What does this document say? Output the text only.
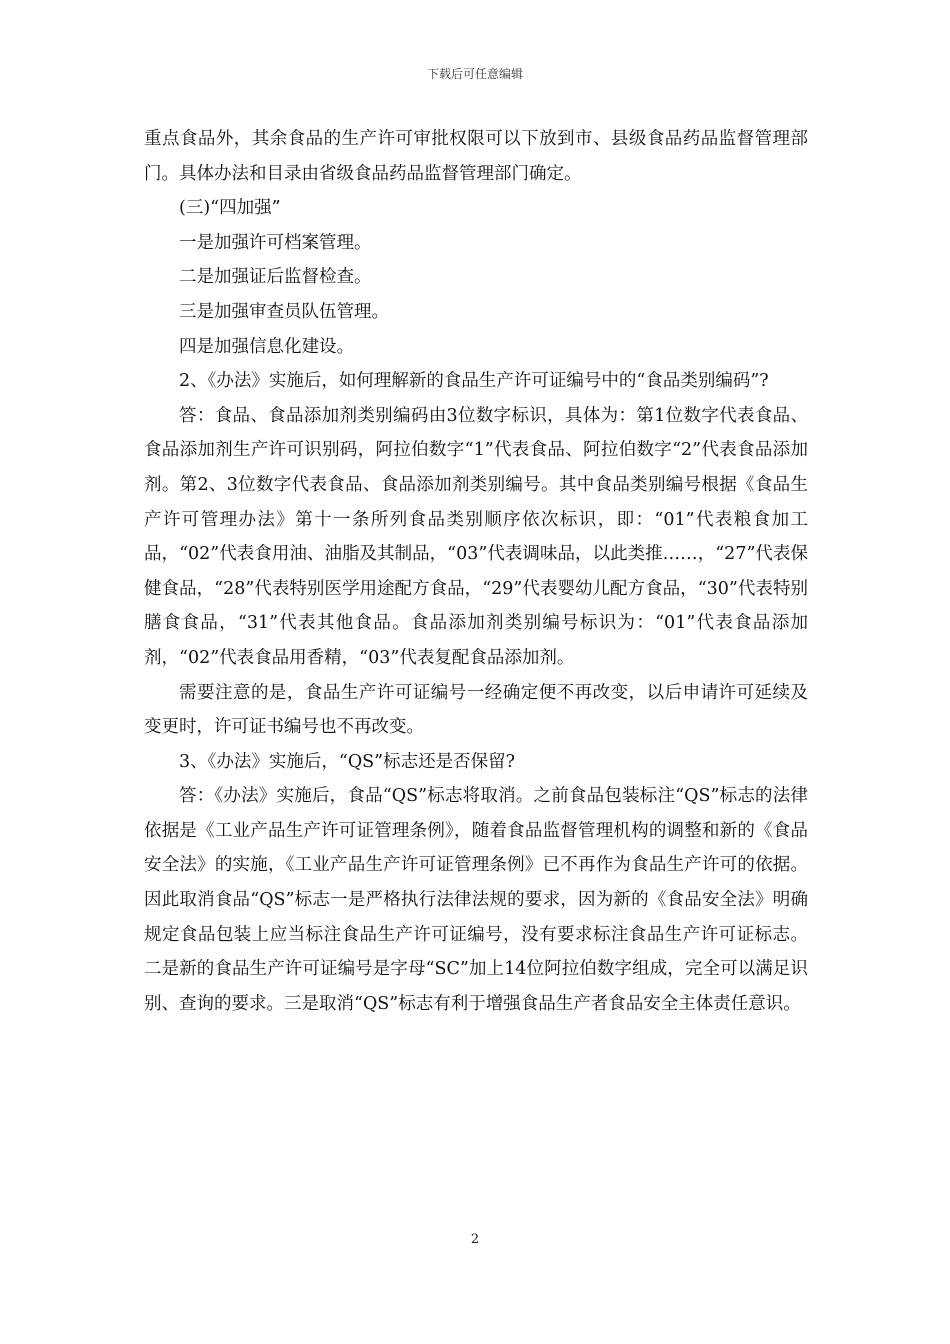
下载后可任意编辑

重点食品外，其余食品的生产许可审批权限可以下放到市、县级食品药品监督管理部门。具体办法和目录由省级食品药品监督管理部门确定。

(三)“四加强”

一是加强许可档案管理。

二是加强证后监督检查。

三是加强审查员队伍管理。

四是加强信息化建设。

2、《办法》实施后，如何理解新的食品生产许可证编号中的“食品类别编码”?

答：食品、食品添加剂类别编码由3位数字标识，具体为：第1位数字代表食品、食品添加剂生产许可识别码，阿拉伯数字“1”代表食品、阿拉伯数字“2”代表食品添加剂。第2、3位数字代表食品、食品添加剂类别编号。其中食品类别编号根据《食品生产许可管理办法》第十一条所列食品类别顺序依次标识，即：“01”代表粮食加工品，“02”代表食用油、油脂及其制品，“03”代表调味品，以此类推……，“27”代表保健食品，“28”代表特别医学用途配方食品，“29”代表婴幼儿配方食品，“30”代表特别膳食食品，“31”代表其他食品。食品添加剂类别编号标识为：“01”代表食品添加剂，“02”代表食品用香精，“03”代表复配食品添加剂。

需要注意的是，食品生产许可证编号一经确定便不再改变，以后申请许可延续及变更时，许可证书编号也不再改变。

3、《办法》实施后，“QS”标志还是否保留?

答：《办法》实施后，食品“QS”标志将取消。之前食品包装标注“QS”标志的法律依据是《工业产品生产许可证管理条例》，随着食品监督管理机构的调整和新的《食品安全法》的实施，《工业产品生产许可证管理条例》已不再作为食品生产许可的依据。因此取消食品“QS”标志一是严格执行法律法规的要求，因为新的《食品安全法》明确规定食品包装上应当标注食品生产许可证编号，没有要求标注食品生产许可证标志。二是新的食品生产许可证编号是字母“SC”加上14位阿拉伯数字组成，完全可以满足识别、查询的要求。三是取消“QS”标志有利于增强食品生产者食品安全主体责任意识。

2
